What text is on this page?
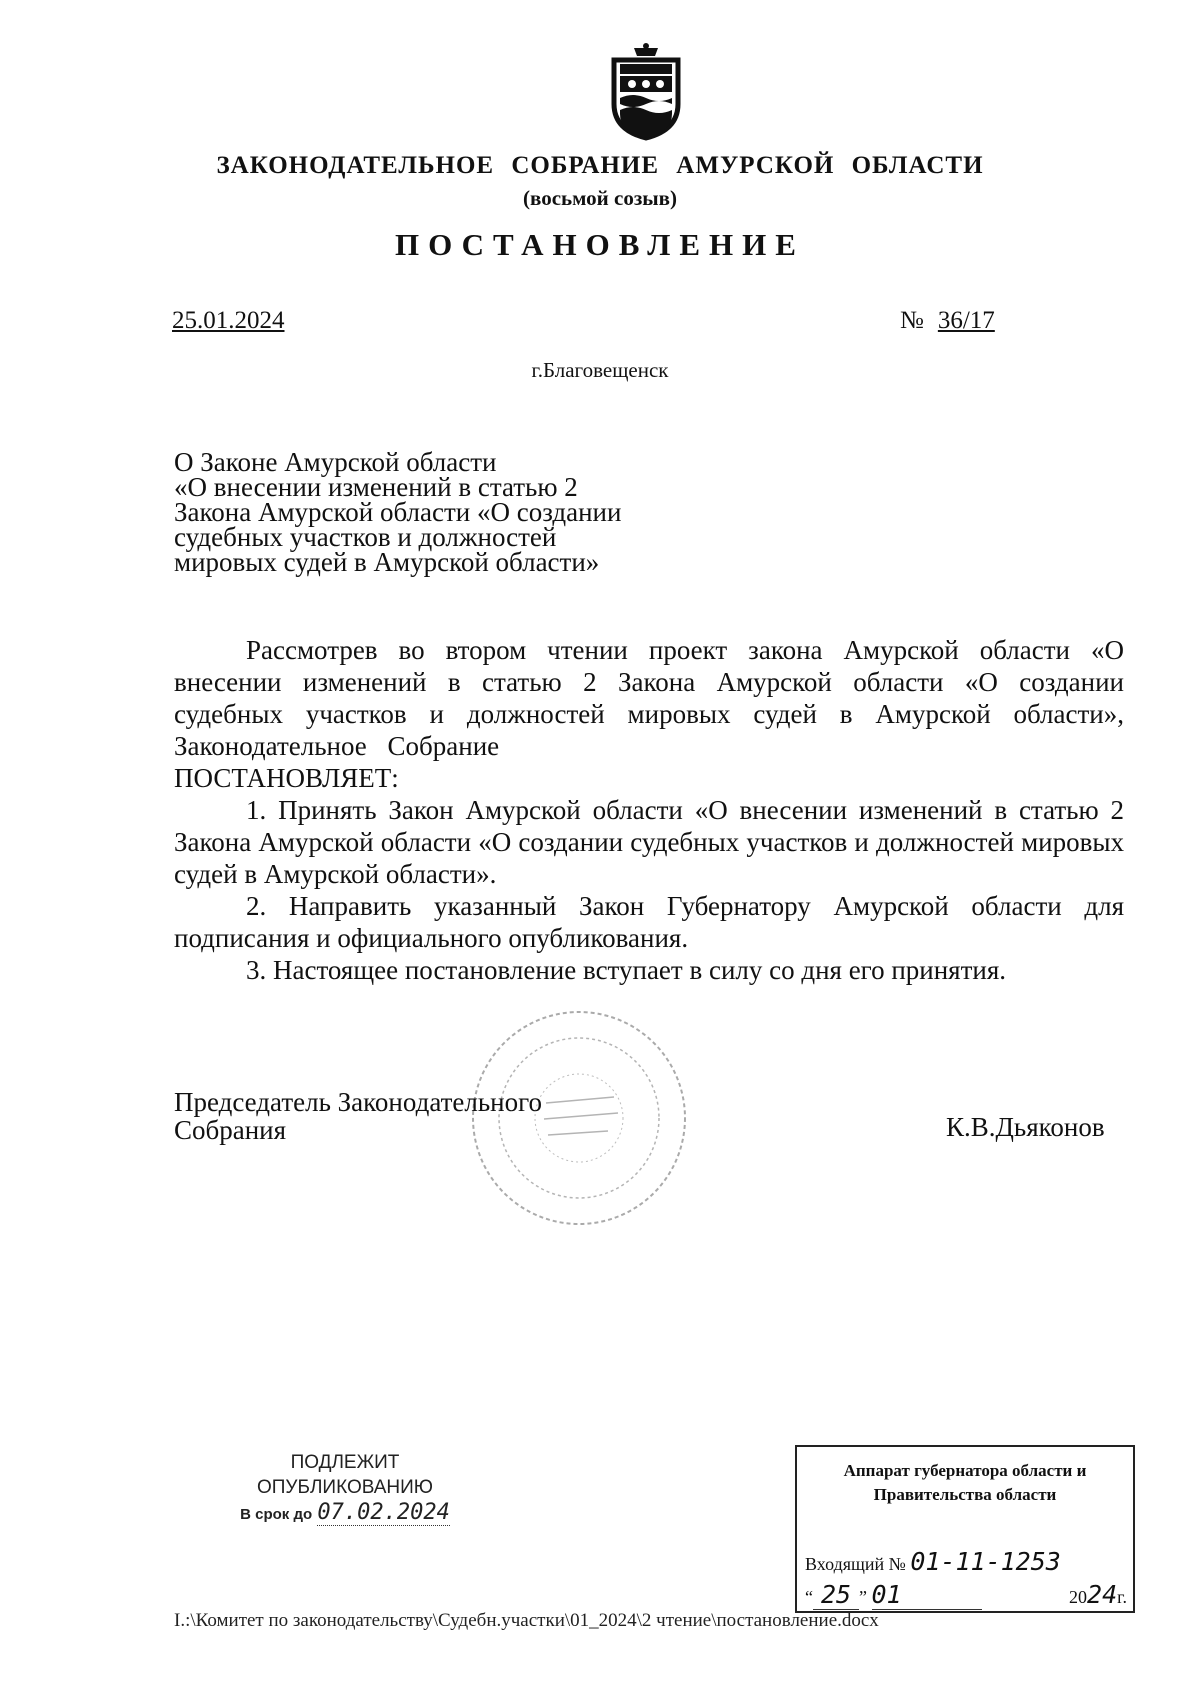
ЗАКОНОДАТЕЛЬНОЕ СОБРАНИЕ АМУРСКОЙ ОБЛАСТИ
(восьмой созыв)
ПОСТАНОВЛЕНИЕ
25.01.2024	№ 36/17
г.Благовещенск
О Законе Амурской области
«О внесении изменений в статью 2
Закона Амурской области «О создании
судебных участков и должностей
мировых судей в Амурской области»

Рассмотрев во втором чтении проект закона Амурской области «О внесении изменений в статью 2 Закона Амурской области «О создании судебных участков и должностей мировых судей в Амурской области», Законодательное Собрание

ПОСТАНОВЛЯЕТ:

1. Принять Закон Амурской области «О внесении изменений в статью 2 Закона Амурской области «О создании судебных участков и должностей мировых судей в Амурской области».

2. Направить указанный Закон Губернатору Амурской области для подписания и официального опубликования.

3. Настоящее постановление вступает в силу со дня его принятия.

Председатель Законодательного
Собрания	К.В.Дьяконов
ПОДЛЕЖИТ
ОПУБЛИКОВАНИЮ
В срок до 07.02.2024
Аппарат губернатора области и
Правительства области
Входящий № 01-11-1253
“ 25 ” 01	2024г.
I.:\Комитет по законодательству\Судебн.участки\01_2024\2 чтение\постановление.docx
